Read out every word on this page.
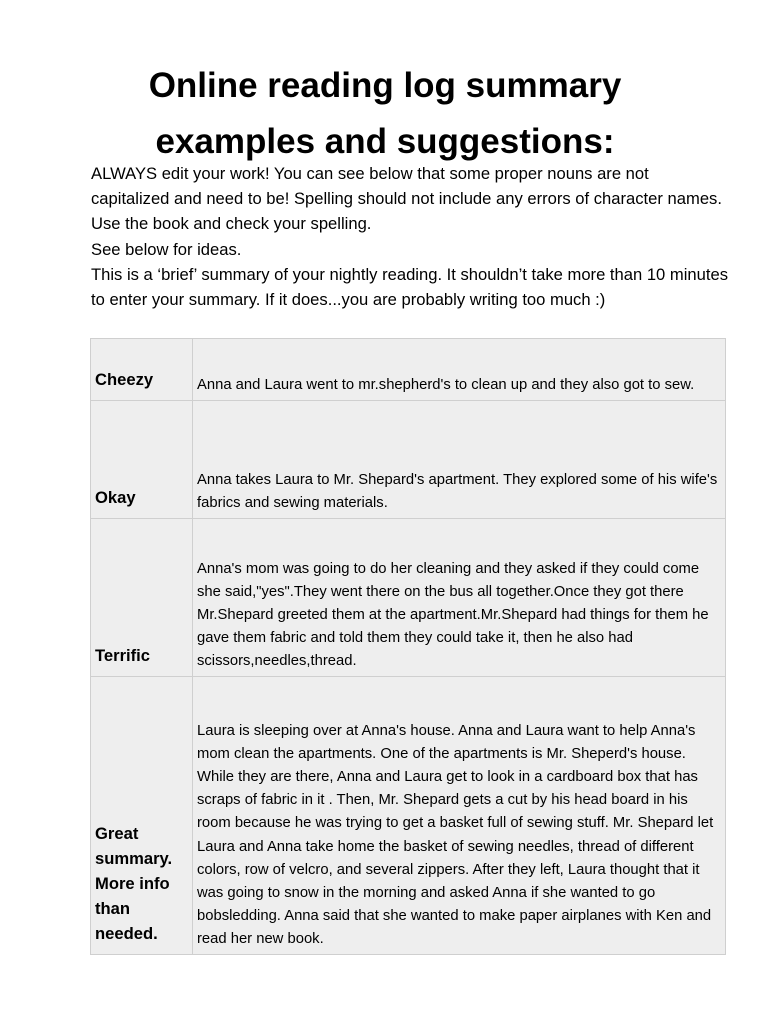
Online reading log summary
examples and suggestions:

ALWAYS edit your work! You can see below that some proper nouns are not capitalized and need to be! Spelling should not include any errors of character names. Use the book and check your spelling.

See below for ideas.

This is a ‘brief’ summary of your nightly reading. It shouldn’t take more than 10 minutes to enter your summary. If it does...you are probably writing too much :)

Cheezy	Anna and Laura went to mr.shepherd's to clean up and they also got to sew.
Okay	Anna takes Laura to Mr. Shepard's apartment. They explored some of his wife's fabrics and sewing materials.
Terrific	Anna's mom was going to do her cleaning and they asked if they could come she said,"yes".They went there on the bus all together.Once they got there Mr.Shepard greeted them at the apartment.Mr.Shepard had things for them he gave them fabric and told them they could take it, then he also had scissors,needles,thread.
Great summary. More info than needed.	Laura is sleeping over at Anna's house. Anna and Laura want to help Anna's mom clean the apartments. One of the apartments is Mr. Sheperd's house. While they are there, Anna and Laura get to look in a cardboard box that has scraps of fabric in it . Then, Mr. Shepard gets a cut by his head board in his room because he was trying to get a basket full of sewing stuff. Mr. Shepard let Laura and Anna take home the basket of sewing needles, thread of different colors, row of velcro, and several zippers. After they left, Laura thought that it was going to snow in the morning and asked Anna if she wanted to go bobsledding. Anna said that she wanted to make paper airplanes with Ken and read her new book.
